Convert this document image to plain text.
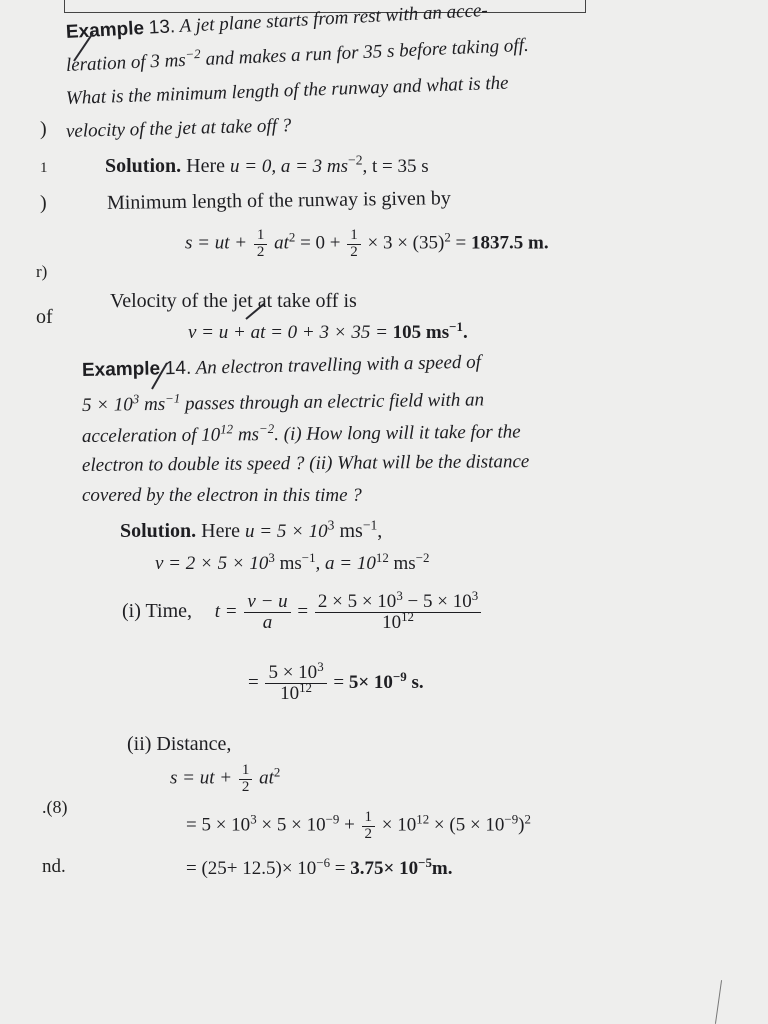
)
1
)
r)
of
.(8)
nd.
Example 13. A jet plane starts from rest with an acce-
leration of 3 $ms^{-2}$ and makes a run for 35 s before taking off.
What is the minimum length of the runway and what is the
velocity of the jet at take off ?
Solution. Here u = 0, a = 3 $ms^{-2}$, t = 35 s
Minimum length of the runway is given by
s = ut + $\frac{1}{2} at^2 = 0 + \frac{1}{2} \times 3 \times (35)^2 = 1837.5$ m.
Velocity of the jet at take off is
v = u + at = 0 + 3 × 35 = 105 $ms^{-1}$.
Example 14. An electron travelling with a speed of
$5 \times 10^3$ $ms^{-1}$ passes through an electric field with an
acceleration of $10^{12}$ $ms^{-2}$. (i) How long will it take for the
electron to double its speed ? (ii) What will be the distance
covered by the electron in this time ?
Solution. Here $u = 5 \times 10^3$ $ms^{-1}$,
$v = 2 \times 5 \times 10^3$ $ms^{-1}$, $a = 10^{12}$ $ms^{-2}$
(i) Time, $t = \frac{v - u}{a} = \frac{2 \times 5 \times 10^3 - 5 \times 10^3}{10^{12}}$
= $\frac{5 \times 10^3}{10^{12}} = 5\times 10^{-9}$ s.
(ii) Distance,
s = ut + $\frac{1}{2} at^2$
= $5 \times 10^3 \times 5 \times 10^{-9} + \frac{1}{2} \times 10^{12} \times (5 \times 10^{-9})^2$
= $(25+ 12.5)\times 10^{-6} = 3.75\times 10^{-5}m$.
